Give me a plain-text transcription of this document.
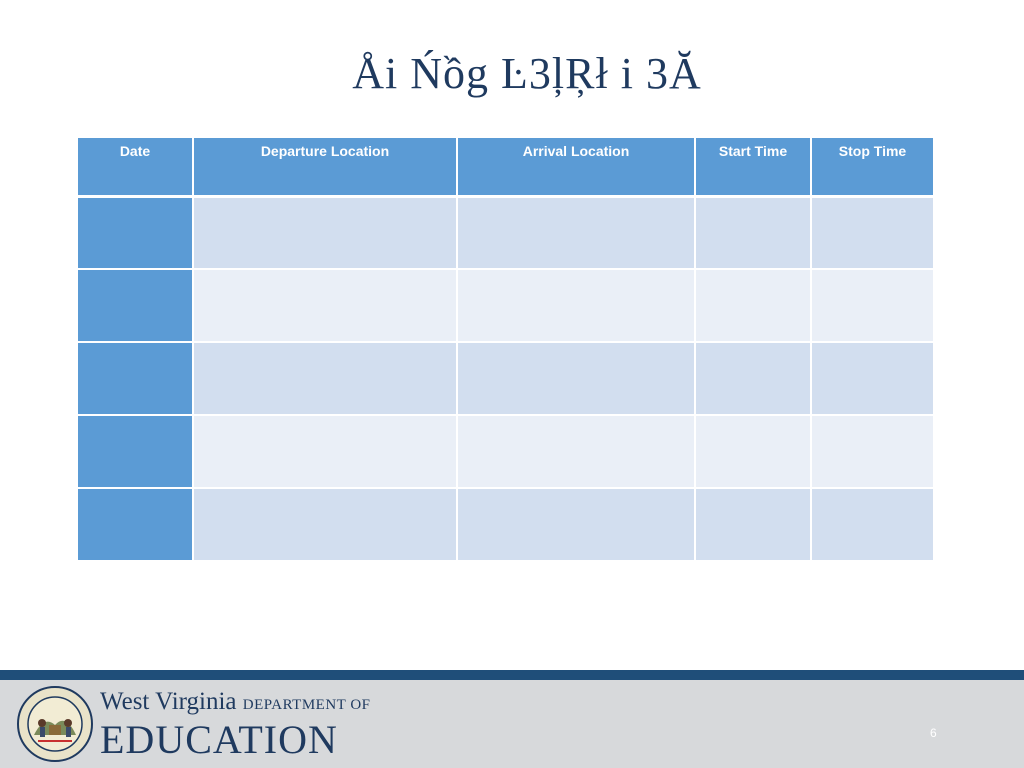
Åi Ńồg Ŀ3ļŖł i 3Ă
Date	Departure Location	Arrival Location	Start Time	Stop Time

West Virginia DEPARTMENT OF
EDUCATION	6
